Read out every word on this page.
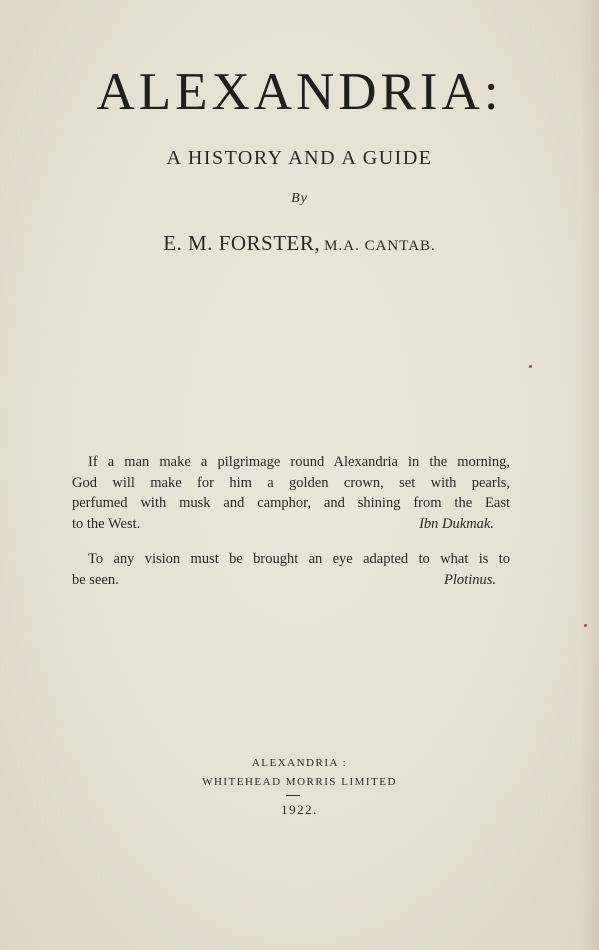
ALEXANDRIA:
A HISTORY AND A GUIDE
By
E. M. FORSTER, M.A. CANTAB.
If a man make a pilgrimage round Alexandria in the morning,
God will make for him a golden crown, set with pearls,
perfumed with musk and camphor, and shining from the East
to the West.	Ibn Dukmak.
To any vision must be brought an eye adapted to what is to
be seen.	Plotinus.
ALEXANDRIA :
WHITEHEAD MORRIS LIMITED
1922.
